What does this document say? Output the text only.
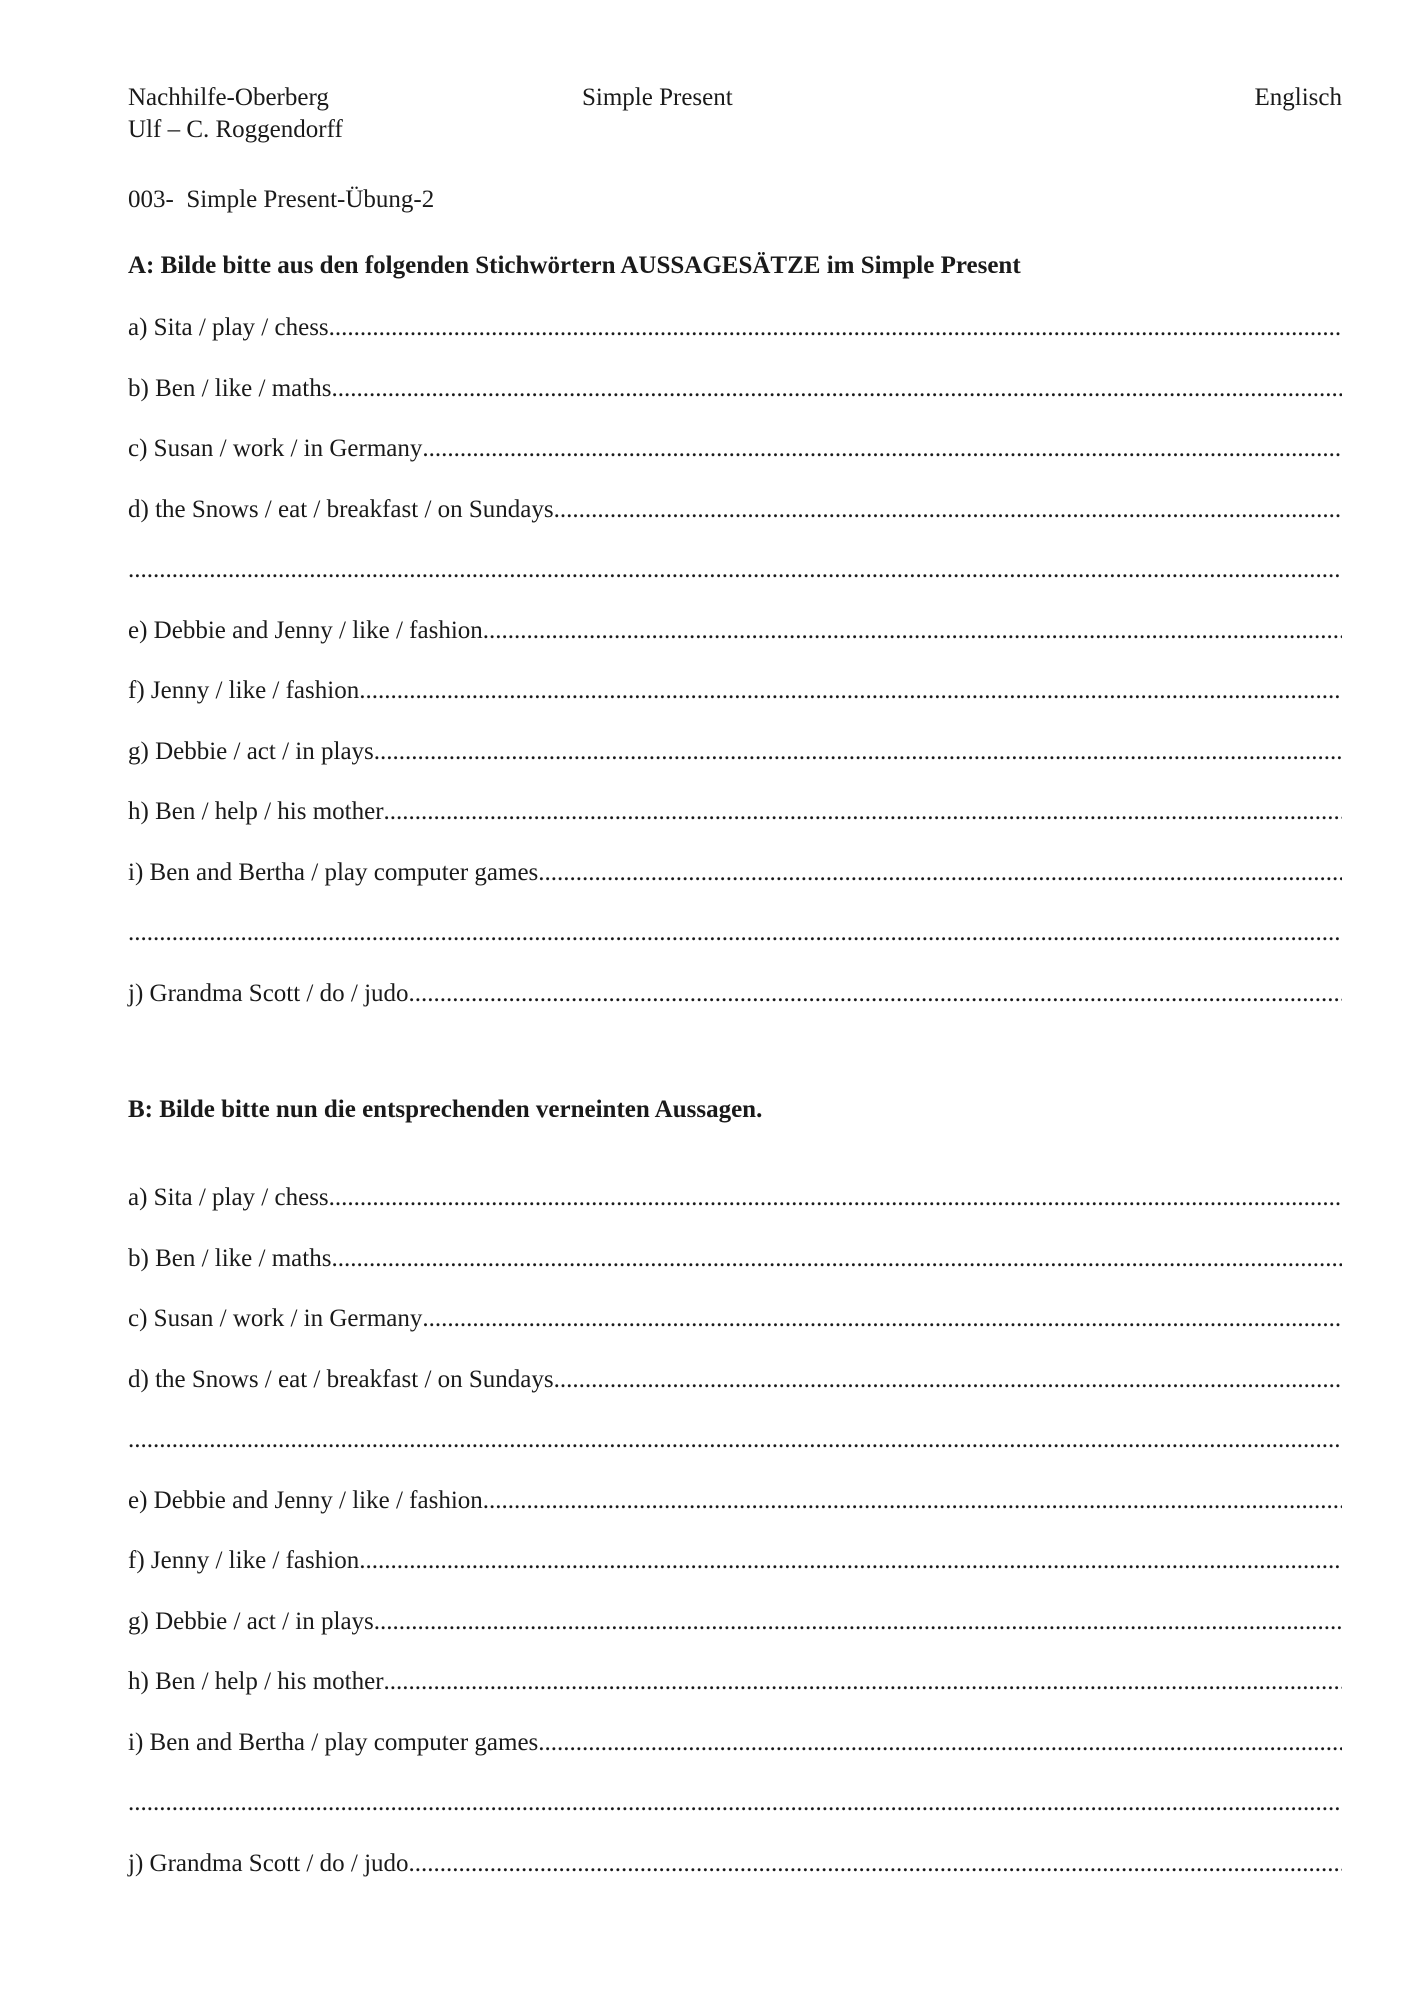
Nachhilfe-Oberberg
Ulf – C. Roggendorff
Simple Present	Englisch
003-  Simple Present-Übung-2
A: Bilde bitte aus den folgenden Stichwörtern AUSSAGESÄTZE im Simple Present
a) Sita / play / chess
.....
b) Ben / like / maths
.....
c) Susan / work / in Germany
.....
d) the Snows / eat / breakfast / on Sundays
.....
.....
e) Debbie and Jenny / like / fashion
.....
f) Jenny / like / fashion
.....
g) Debbie / act / in plays
.....
h) Ben / help / his mother
.....
i) Ben and Bertha / play computer games
.....
.....
j) Grandma Scott / do / judo
.....
B: Bilde bitte nun die entsprechenden verneinten Aussagen.
a) Sita / play / chess
.....
b) Ben / like / maths
.....
c) Susan / work / in Germany
.....
d) the Snows / eat / breakfast / on Sundays
.....
.....
e) Debbie and Jenny / like / fashion
.....
f) Jenny / like / fashion
.....
g) Debbie / act / in plays
.....
h) Ben / help / his mother
.....
i) Ben and Bertha / play computer games
.....
.....
j) Grandma Scott / do / judo
.....
